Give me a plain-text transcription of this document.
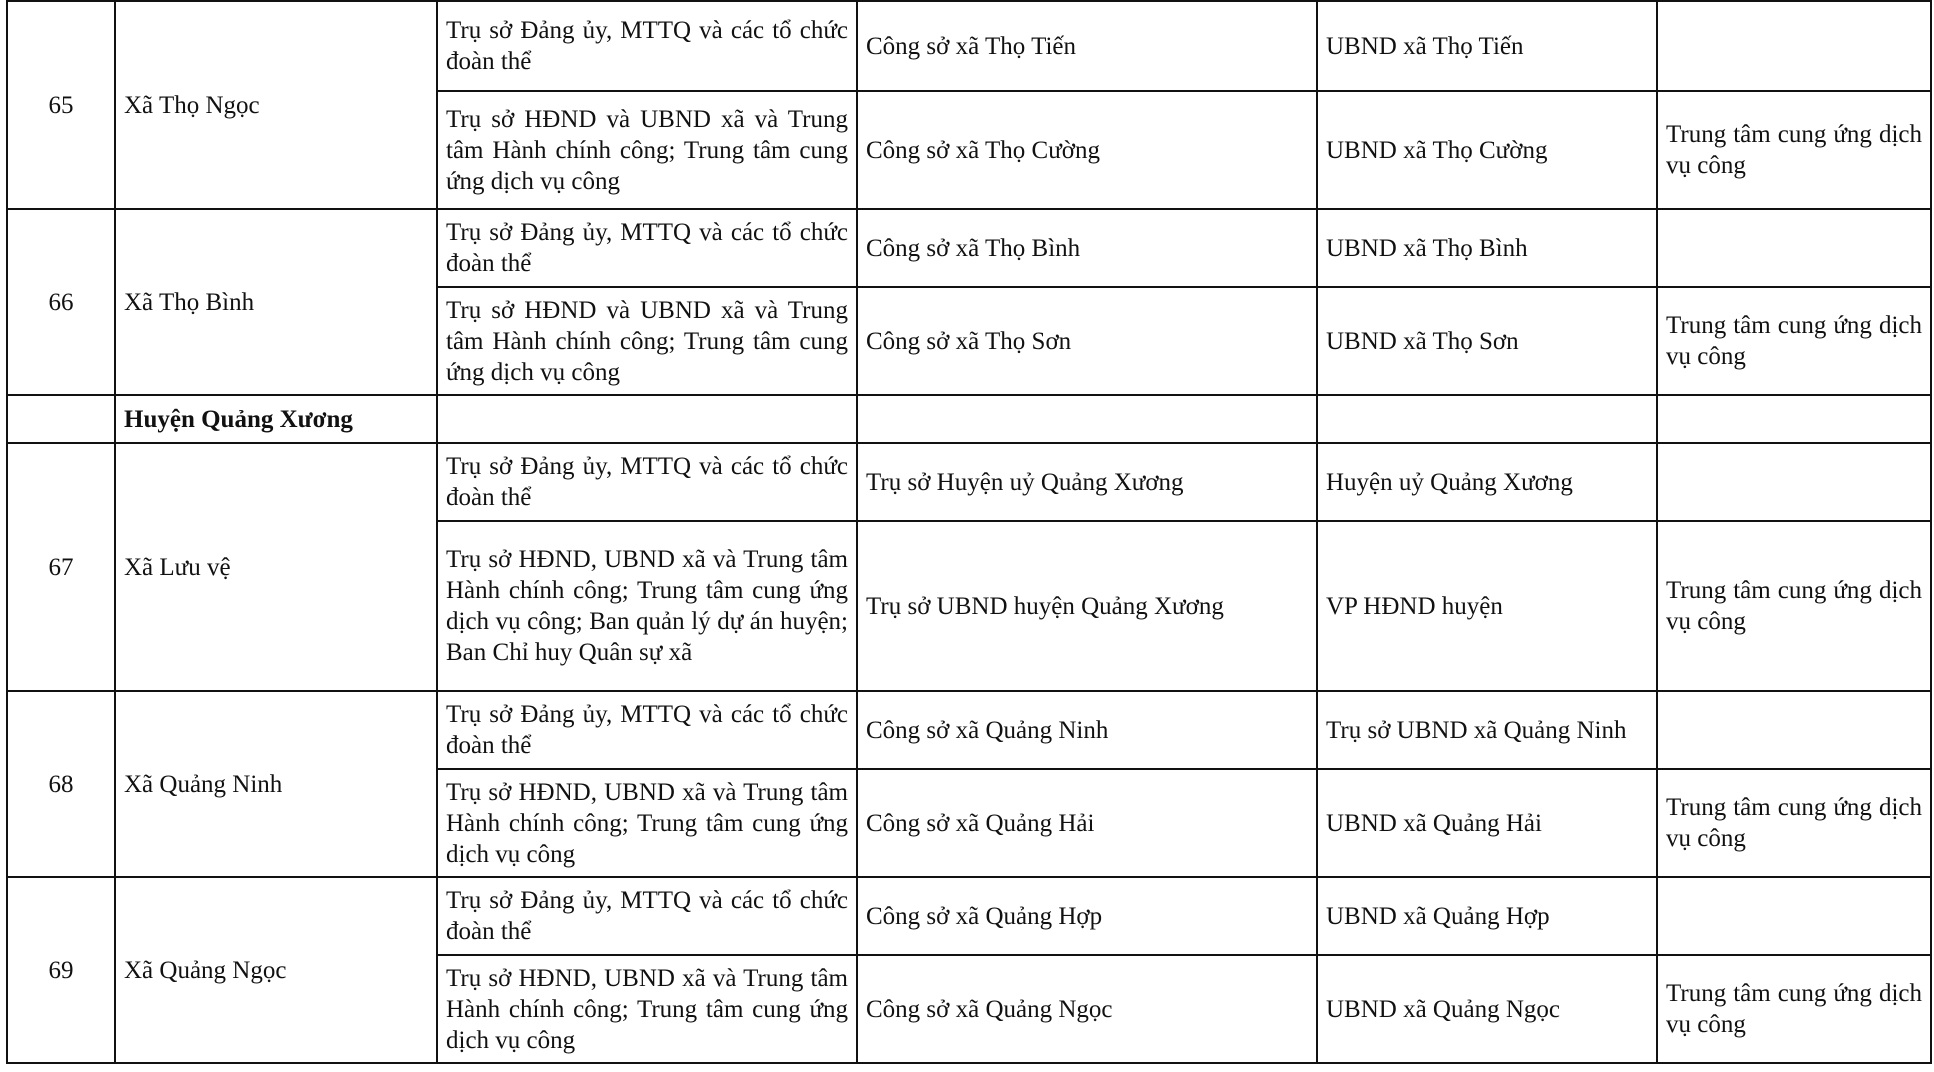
65	Xã Thọ Ngọc	Trụ sở Đảng ủy, MTTQ và các tổ chức đoàn thể	Công sở xã Thọ Tiến	UBND xã Thọ Tiến	
		Trụ sở HĐND và UBND xã và Trung tâm Hành chính công; Trung tâm cung ứng dịch vụ công	Công sở xã Thọ Cường	UBND xã Thọ Cường	Trung tâm cung ứng dịch vụ công
66	Xã Thọ Bình	Trụ sở Đảng ủy, MTTQ và các tổ chức đoàn thể	Công sở xã Thọ Bình	UBND xã Thọ Bình	
		Trụ sở HĐND và UBND xã và Trung tâm Hành chính công; Trung tâm cung ứng dịch vụ công	Công sở xã Thọ Sơn	UBND xã Thọ Sơn	Trung tâm cung ứng dịch vụ công
	Huyện Quảng Xương				
67	Xã Lưu vệ	Trụ sở Đảng ủy, MTTQ và các tổ chức đoàn thể	Trụ sở Huyện uỷ Quảng Xương	Huyện uỷ Quảng Xương	
		Trụ sở HĐND, UBND xã và Trung tâm Hành chính công; Trung tâm cung ứng dịch vụ công; Ban quản lý dự án huyện; Ban Chỉ huy Quân sự xã	Trụ sở UBND huyện Quảng Xương	VP HĐND huyện	Trung tâm cung ứng dịch vụ công
68	Xã Quảng Ninh	Trụ sở Đảng ủy, MTTQ và các tổ chức đoàn thể	Công sở xã Quảng Ninh	Trụ sở UBND xã Quảng Ninh	
		Trụ sở HĐND, UBND xã và Trung tâm Hành chính công; Trung tâm cung ứng dịch vụ công	Công sở xã Quảng Hải	UBND xã Quảng Hải	Trung tâm cung ứng dịch vụ công
69	Xã Quảng Ngọc	Trụ sở Đảng ủy, MTTQ và các tổ chức đoàn thể	Công sở xã Quảng Hợp	UBND xã Quảng Hợp	
		Trụ sở HĐND, UBND xã và Trung tâm Hành chính công; Trung tâm cung ứng dịch vụ công	Công sở xã Quảng Ngọc	UBND xã Quảng Ngọc	Trung tâm cung ứng dịch vụ công
